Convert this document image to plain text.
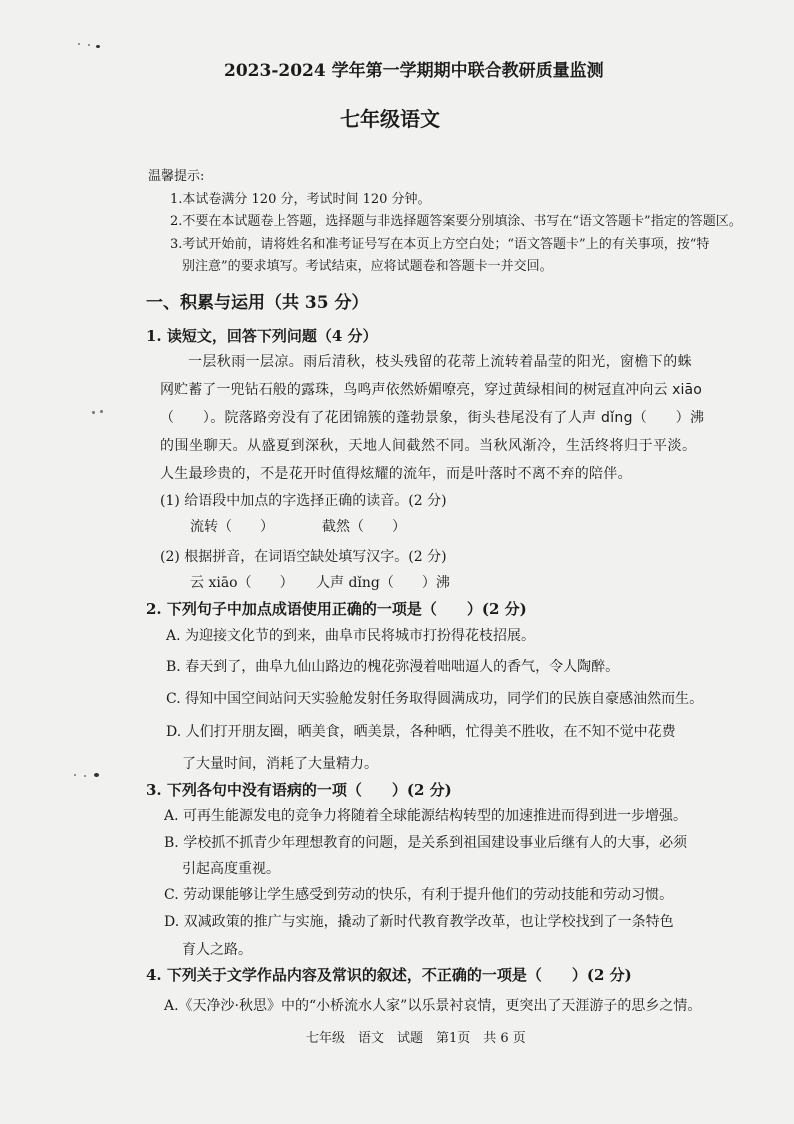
2023-2024 学年第一学期期中联合教研质量监测
七年级语文
温馨提示:
1.本试卷满分 120 分，考试时间 120 分钟。
2.不要在本试题卷上答题，选择题与非选择题答案要分别填涂、书写在“语文答题卡”指定的答题区。
3.考试开始前，请将姓名和准考证号写在本页上方空白处；“语文答题卡”上的有关事项，按“特
别注意”的要求填写。考试结束，应将试题卷和答题卡一并交回。
一、积累与运用（共 35 分）
1. 读短文，回答下列问题（4 分）
一层秋雨一层凉。雨后清秋，枝头残留的花蒂上流转着晶莹的阳光，窗檐下的蛛
网贮蓄了一兜钻石般的露珠，鸟鸣声依然娇媚嘹亮，穿过黄绿相间的树冠直冲向云 xiāo
（　　）。院落路旁没有了花团锦簇的蓬勃景象，街头巷尾没有了人声 dǐng（　　）沸
的围坐聊天。从盛夏到深秋，天地人间截然不同。当秋风渐冷，生活终将归于平淡。
人生最珍贵的，不是花开时值得炫耀的流年，而是叶落时不离不弃的陪伴。
(1) 给语段中加点的字选择正确的读音。(2 分)
流转（　　）	截然（　　）
(2) 根据拼音，在词语空缺处填写汉字。(2 分)
云 xiāo（　　） 人声 dǐng（　　）沸
2. 下列句子中加点成语使用正确的一项是（　　）(2 分)
A. 为迎接文化节的到来，曲阜市民将城市打扮得花枝招展。
B. 春天到了，曲阜九仙山路边的槐花弥漫着咄咄逼人的香气，令人陶醉。
C. 得知中国空间站问天实验舱发射任务取得圆满成功，同学们的民族自豪感油然而生。
D. 人们打开朋友圈，晒美食，晒美景，各种晒，忙得美不胜收，在不知不觉中花费
了大量时间，消耗了大量精力。
3. 下列各句中没有语病的一项（　　）(2 分)
A. 可再生能源发电的竞争力将随着全球能源结构转型的加速推进而得到进一步增强。
B. 学校抓不抓青少年理想教育的问题，是关系到祖国建设事业后继有人的大事，必须
引起高度重视。
C. 劳动课能够让学生感受到劳动的快乐，有利于提升他们的劳动技能和劳动习惯。
D. 双减政策的推广与实施，撬动了新时代教育教学改革，也让学校找到了一条特色
育人之路。
4. 下列关于文学作品内容及常识的叙述，不正确的一项是（　　）(2 分)
A.《天净沙·秋思》中的“小桥流水人家”以乐景衬哀情，更突出了天涯游子的思乡之情。
七年级　语文　试题　第1页　共 6 页
